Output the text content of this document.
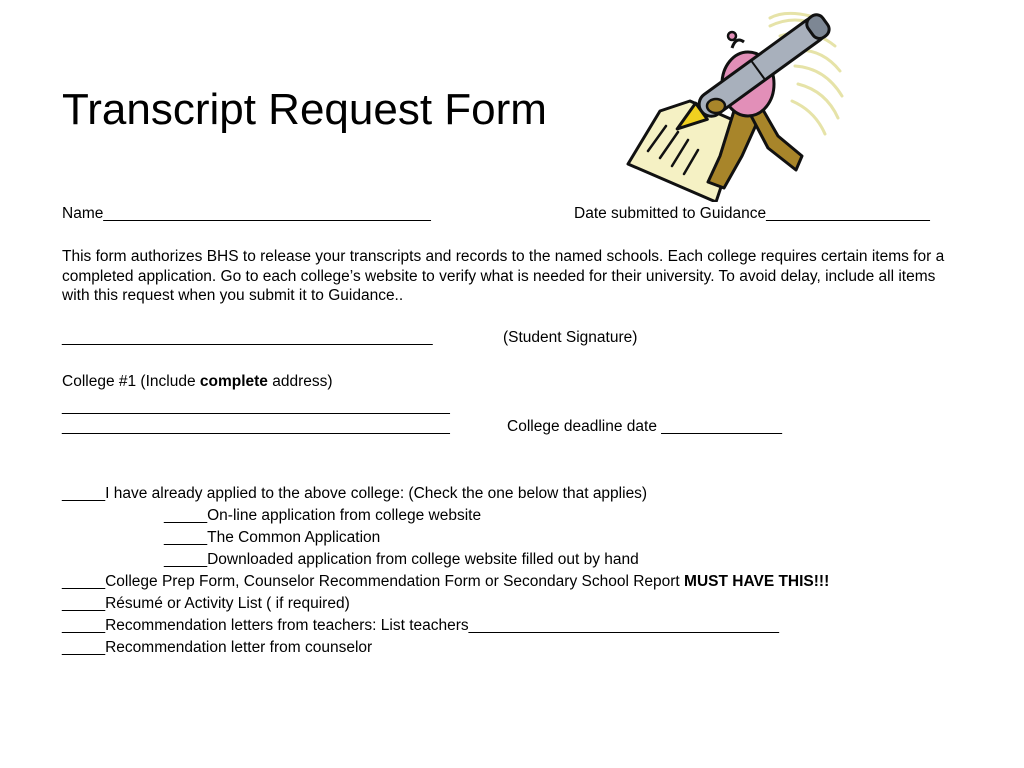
Transcript Request Form
Name______________________________________	Date submitted to Guidance___________________
This form authorizes BHS to release your transcripts and records to the named schools. Each college requires certain items for a completed application. Go to each college’s website to verify what is needed for their university. To avoid delay, include all items with this request when you submit it to Guidance..
___________________________________________	(Student Signature)
College #1 (Include complete address)
_____________________________________________
_____________________________________________	College deadline date ______________
_____I have already applied to the above college: (Check the one below that applies)
_____On-line application from college website
_____The Common Application
_____Downloaded application from college website filled out by hand
_____College Prep Form, Counselor Recommendation Form or Secondary School Report MUST HAVE THIS!!!
_____Résumé or Activity List ( if required)
_____Recommendation letters from teachers: List teachers____________________________________
_____Recommendation letter from counselor
